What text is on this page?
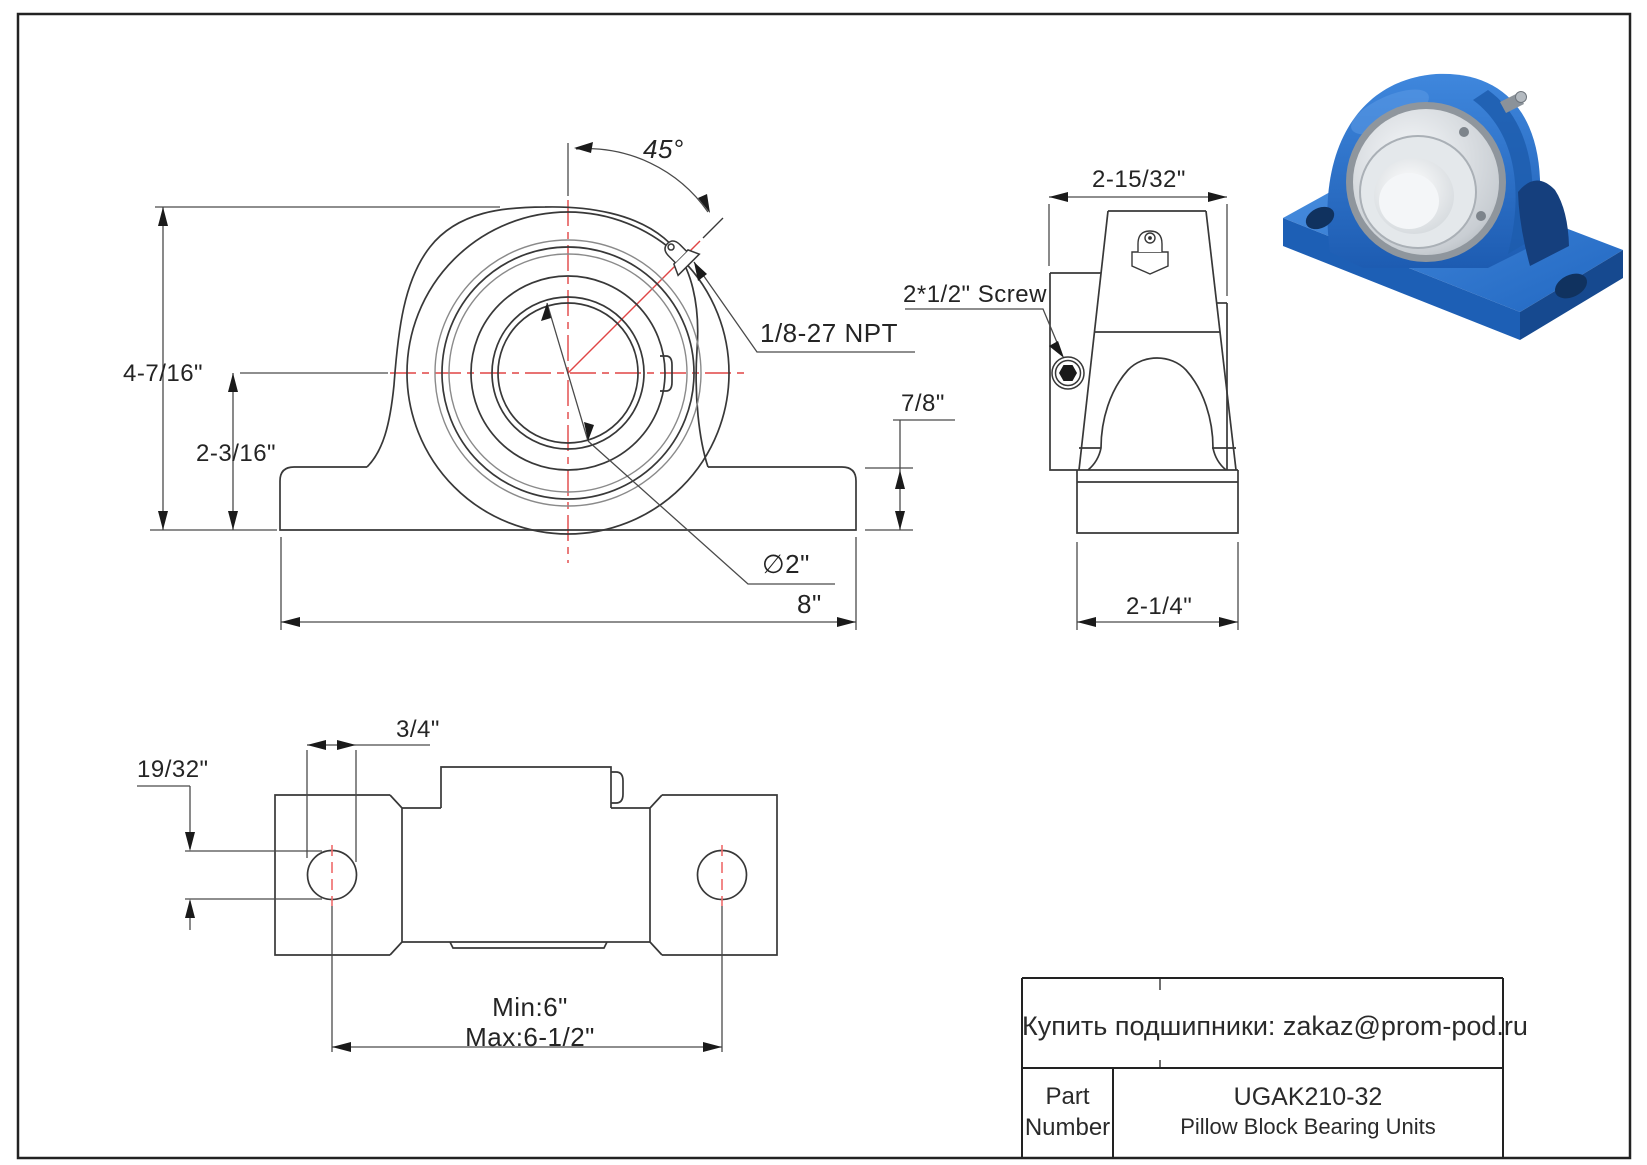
45°
4-7/16"
2-3/16"
8"
∅2"
1/8-27 NPT
7/8"
2-15/32"
2*1/2" Screw
2-1/4"
3/4"
19/32"
Min:6"
Max:6-1/2"	Купить подшипники: zakaz@prom-pod.ru
Part
Number
UGAK210-32
Pillow Block Bearing Units
